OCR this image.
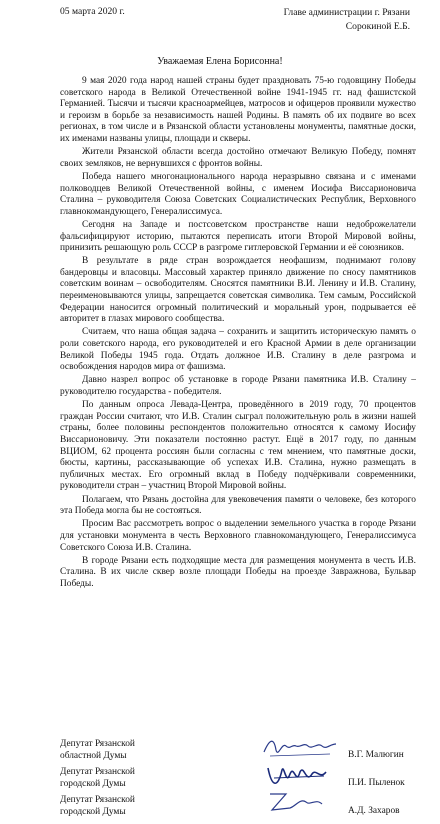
05 марта 2020 г.	Главе администрации г. Рязани
Сорокиной Е.Б.
Уважаемая Елена Борисонна!

9 мая 2020 года народ нашей страны будет праздновать 75-ю годовщину Победы советского народа в Великой Отечественной войне 1941-1945 гг. над фашистской Германией. Тысячи и тысячи красноармейцев, матросов и офицеров проявили мужество и героизм в борьбе за независимость нашей Родины. В память об их подвиге во всех регионах, в том числе и в Рязанской области установлены монументы, памятные доски, их именами названы улицы, площади и скверы.

Жители Рязанской области всегда достойно отмечают Великую Победу, помнят своих земляков, не вернувшихся с фронтов войны.

Победа нашего многонационального народа неразрывно связана и с именами полководцев Великой Отечественной войны, с именем Иосифа Виссарионовича Сталина – руководителя Союза Советских Социалистических Республик, Верховного главнокомандующего, Генералиссимуса.

Сегодня на Западе и постсоветском пространстве наши недоброжелатели фальсифицируют историю, пытаются переписать итоги Второй Мировой войны, принизить решающую роль СССР в разгроме гитлеровской Германии и её союзников.

В результате в ряде стран возрождается неофашизм, поднимают голову бандеровцы и власовцы. Массовый характер приняло движение по сносу памятников советским воинам – освободителям. Сносятся памятники В.И. Ленину и И.В. Сталину, переименовываются улицы, запрещается советская символика. Тем самым, Российской Федерации наносится огромный политический и моральный урон, подрывается её авторитет в глазах мирового сообщества.

Считаем, что наша общая задача – сохранить и защитить историческую память о роли советского народа, его руководителей и его Красной Армии в деле организации Великой Победы 1945 года. Отдать должное И.В. Сталину в деле разгрома и освобождения народов мира от фашизма.

Давно назрел вопрос об установке в городе Рязани памятника И.В. Сталину – руководителю государства - победителя.

По данным опроса Левада-Центра, проведённого в 2019 году, 70 процентов граждан России считают, что И.В. Сталин сыграл положительную роль в жизни нашей страны, более половины респондентов положительно относятся к самому Иосифу Виссарионовичу. Эти показатели постоянно растут. Ещё в 2017 году, по данным ВЦИОМ, 62 процента россиян были согласны с тем мнением, что памятные доски, бюсты, картины, рассказывающие об успехах И.В. Сталина, нужно размещать в публичных местах. Его огромный вклад в Победу подчёркивали современники, руководители стран – участниц Второй Мировой войны.

Полагаем, что Рязань достойна для увековечения памяти о человеке, без которого эта Победа могла бы не состояться.

Просим Вас рассмотреть вопрос о выделении земельного участка в городе Рязани для установки монумента в честь Верховного главнокомандующего, Генералиссимуса Советского Союза И.В. Сталина.

В городе Рязани есть подходящие места для размещения монумента в честь И.В. Сталина. В их числе сквер возле площади Победы на проезде Завражнова, Бульвар Победы.

Депутат Рязанской
областной Думы	В.Г. Малюгин
Депутат Рязанской
городской Думы	П.И. Пыленок
Депутат Рязанской
городской Думы	А.Д. Захаров
